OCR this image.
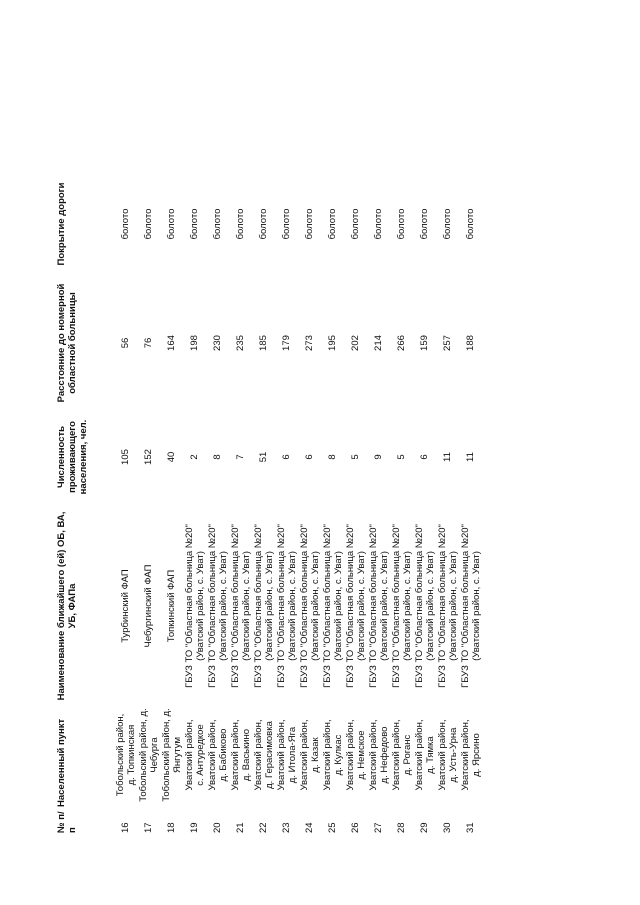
№ п/ п	Населенный пункт	Наименование ближайшего (ей) ОБ, ВА, УБ, ФАПа	Численность проживающего населения, чел.	Расстояние до номерной областной больницы	Покрытие дороги
16	Тобольский район, д. Топкинская	Турбинский ФАП	105	56	болото
17	Тобольский район, д. Чебурга	Чебургинский ФАП	152	76	болото
18	Тобольский район, д. Янгутум	Топкинский ФАП	40	164	болото
19	Уватский район, с. Антуредкое	ГБУЗ ТО "Областная больница №20" (Уватский район, с. Уват)	2	198	болото
20	Уватский район, д. Бабиково	ГБУЗ ТО "Областная больница №20" (Уватский район, с. Уват)	8	230	болото
21	Уватский район, д. Васькино	ГБУЗ ТО "Областная больница №20" (Уватский район, с. Уват)	7	235	болото
22	Уватский район, д. Герасимовка	ГБУЗ ТО "Областная больница №20" (Уватский район, с. Уват)	51	185	болото
23	Уватский район, д. Итола-Яга	ГБУЗ ТО "Областная больница №20" (Уватский район, с. Уват)	6	179	болото
24	Уватский район, д. Казак	ГБУЗ ТО "Областная больница №20" (Уватский район, с. Уват)	6	273	болото
25	Уватский район, д. Кулкас	ГБУЗ ТО "Областная больница №20" (Уватский район, с. Уват)	8	195	болото
26	Уватский район, д. Немское	ГБУЗ ТО "Областная больница №20" (Уватский район, с. Уват)	5	202	болото
27	Уватский район, д. Нефедово	ГБУЗ ТО "Областная больница №20" (Уватский район, с. Уват)	9	214	болото
28	Уватский район, д. Роганс	ГБУЗ ТО "Областная больница №20" (Уватский район, с. Уват)	5	266	болото
29	Уватский район, д. Тямка	ГБУЗ ТО "Областная больница №20" (Уватский район, с. Уват)	6	159	болото
30	Уватский район, д. Усть-Урна	ГБУЗ ТО "Областная больница №20" (Уватский район, с. Уват)	11	257	болото
31	Уватский район, д. Ярсино	ГБУЗ ТО "Областная больница №20" (Уватский район, с. Уват)	11	188	болото
